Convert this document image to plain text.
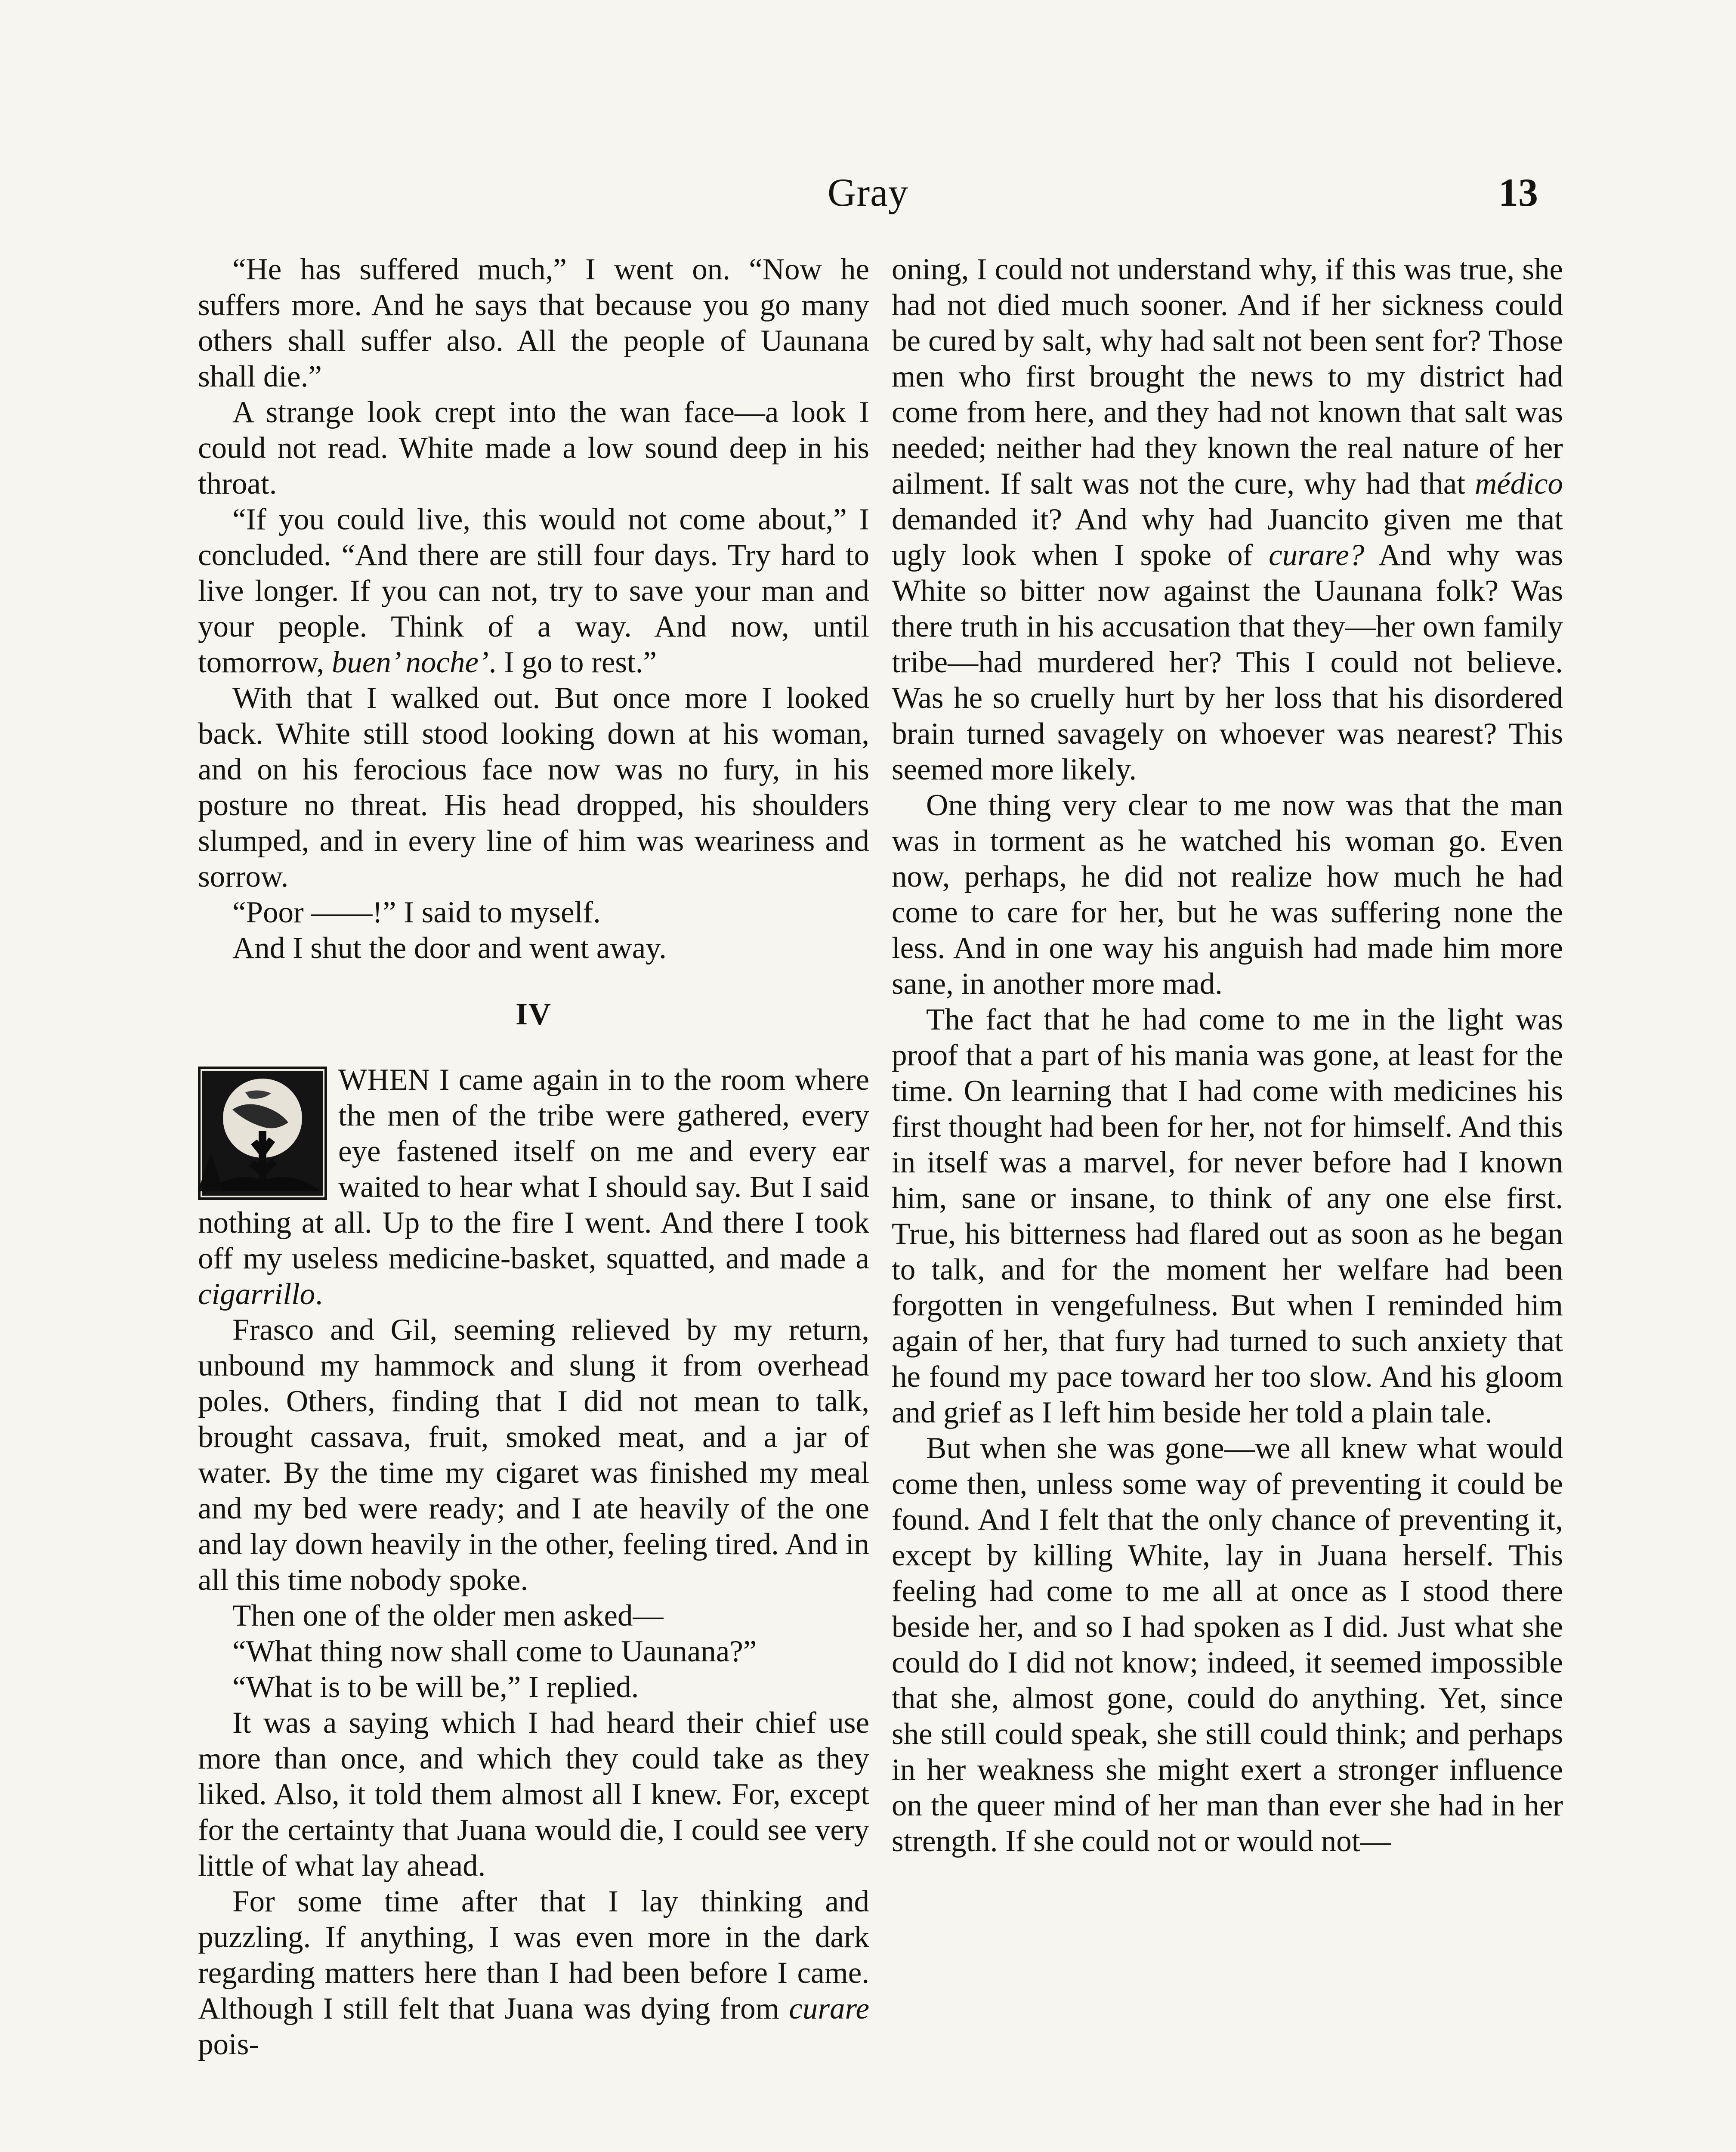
Gray	13

“He has suffered much,” I went on. “Now he suffers more. And he says that because you go many others shall suffer also. All the people of Uaunana shall die.”

A strange look crept into the wan face—a look I could not read. White made a low sound deep in his throat.

“If you could live, this would not come about,” I concluded. “And there are still four days. Try hard to live longer. If you can not, try to save your man and your people. Think of a way. And now, until tomorrow, buen’ noche’. I go to rest.”

With that I walked out. But once more I looked back. White still stood looking down at his woman, and on his ferocious face now was no fury, in his posture no threat. His head dropped, his shoulders slumped, and in every line of him was weariness and sorrow.

“Poor ——!” I said to myself.

And I shut the door and went away.

IV

WHEN I came again in to the room where the men of the tribe were gathered, every eye fastened itself on me and every ear waited to hear what I should say. But I said nothing at all. Up to the fire I went. And there I took off my useless medicine-basket, squatted, and made a cigarrillo.

Frasco and Gil, seeming relieved by my return, unbound my hammock and slung it from overhead poles. Others, finding that I did not mean to talk, brought cassava, fruit, smoked meat, and a jar of water. By the time my cigaret was finished my meal and my bed were ready; and I ate heavily of the one and lay down heavily in the other, feeling tired. And in all this time nobody spoke.

Then one of the older men asked—

“What thing now shall come to Uaunana?”

“What is to be will be,” I replied.

It was a saying which I had heard their chief use more than once, and which they could take as they liked. Also, it told them almost all I knew. For, except for the certainty that Juana would die, I could see very little of what lay ahead.

For some time after that I lay thinking and puzzling. If anything, I was even more in the dark regarding matters here than I had been before I came. Although I still felt that Juana was dying from curare pois-

oning, I could not understand why, if this was true, she had not died much sooner. And if her sickness could be cured by salt, why had salt not been sent for? Those men who first brought the news to my district had come from here, and they had not known that salt was needed; neither had they known the real nature of her ailment. If salt was not the cure, why had that médico demanded it? And why had Juancito given me that ugly look when I spoke of curare? And why was White so bitter now against the Uaunana folk? Was there truth in his accusation that they—her own family tribe—had murdered her? This I could not believe. Was he so cruelly hurt by her loss that his disordered brain turned savagely on whoever was nearest? This seemed more likely.

One thing very clear to me now was that the man was in torment as he watched his woman go. Even now, perhaps, he did not realize how much he had come to care for her, but he was suffering none the less. And in one way his anguish had made him more sane, in another more mad.

The fact that he had come to me in the light was proof that a part of his mania was gone, at least for the time. On learning that I had come with medicines his first thought had been for her, not for himself. And this in itself was a marvel, for never before had I known him, sane or insane, to think of any one else first. True, his bitterness had flared out as soon as he began to talk, and for the moment her welfare had been forgotten in vengefulness. But when I reminded him again of her, that fury had turned to such anxiety that he found my pace toward her too slow. And his gloom and grief as I left him beside her told a plain tale.

But when she was gone—we all knew what would come then, unless some way of preventing it could be found. And I felt that the only chance of preventing it, except by killing White, lay in Juana herself. This feeling had come to me all at once as I stood there beside her, and so I had spoken as I did. Just what she could do I did not know; indeed, it seemed impossible that she, almost gone, could do anything. Yet, since she still could speak, she still could think; and perhaps in her weakness she might exert a stronger influence on the queer mind of her man than ever she had in her strength. If she could not or would not—
